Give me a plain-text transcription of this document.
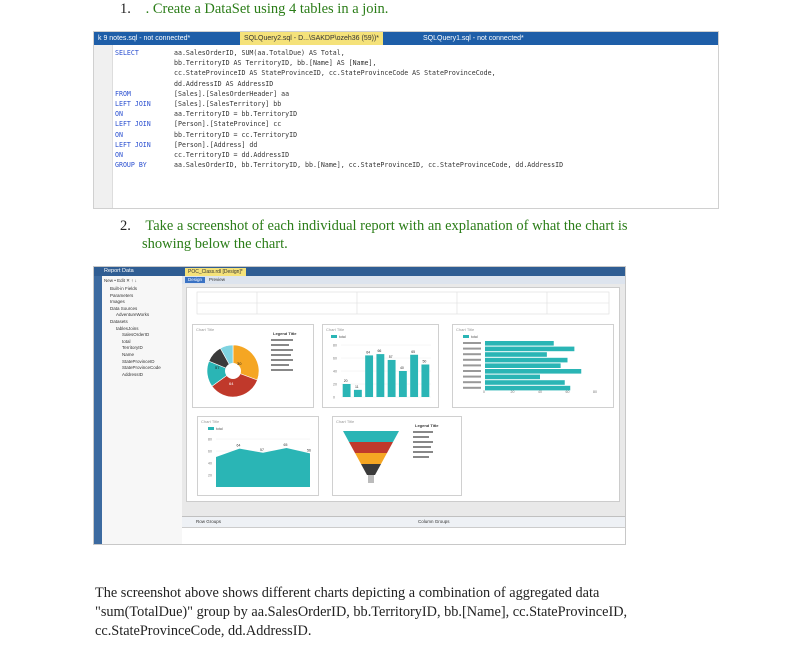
1. . Create a DataSet using 4 tables in a join.
k 9 notes.sql - not connected*	SQLQuery2.sql - D...\SAKDP\ozeh36 (59))*	SQLQuery1.sql - not connected*
SELECT	aa.SalesOrderID, SUM(aa.TotalDue) AS Total,
bb.TerritoryID AS TerritoryID, bb.[Name] AS [Name],
cc.StateProvinceID AS StateProvinceID, cc.StateProvinceCode AS StateProvinceCode,
dd.AddressID AS AddressID
FROM	[Sales].[SalesOrderHeader] aa
LEFT JOIN	[Sales].[SalesTerritory] bb
ON	aa.TerritoryID = bb.TerritoryID
LEFT JOIN	[Person].[StateProvince] cc
ON	bb.TerritoryID = cc.TerritoryID
LEFT JOIN	[Person].[Address] dd
ON	cc.TerritoryID = dd.AddressID
GROUP BY	aa.SalesOrderID, bb.TerritoryID, bb.[Name], cc.StateProvinceID, cc.StateProvinceCode, dd.AddressID
2. Take a screenshot of each individual report with an explanation of what the chart is
showing below the chart.
Report Data
New • Edit ✕ ↑ ↓
Built-in Fields
Parameters
Images
Data Sources
AdventureWorks
Datasets
tablesJoins
SalesOrderID
total
TerritoryID
Name
StateProvinceID
StateProvinceCode
AddressID
POC_Class.rdl [Design]*
Design	Preview
Chart Title
Legend Title
57
64
30
Chart Title
total
0
20
40
60
80
20
11
64 66
57
40
65
50
Chart Title
total
0	20	40	60	80
Chart Title
total
80
60
40
20
64
57
65
56
Chart Title
Legend Title
Row Groups	Column Groups
The screenshot above shows different charts depicting a combination of aggregated data
"sum(TotalDue)" group by aa.SalesOrderID, bb.TerritoryID, bb.[Name], cc.StateProvinceID,
cc.StateProvinceCode, dd.AddressID.
